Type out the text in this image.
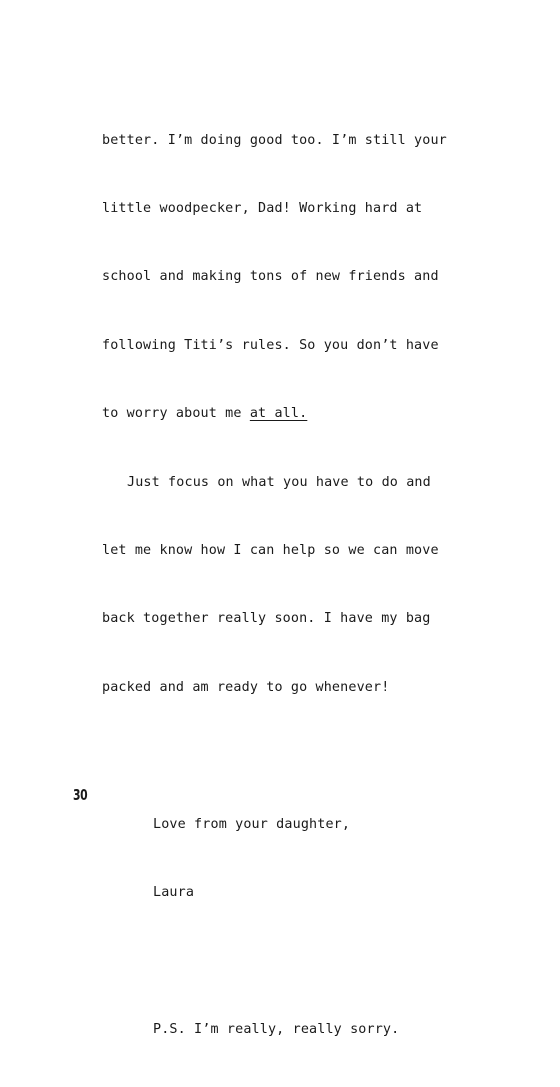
better. I’m doing good too. I’m still your

little woodpecker, Dad! Working hard at

school and making tons of new friends and

following Titi’s rules. So you don’t have

to worry about me at all.

Just focus on what you have to do and

let me know how I can help so we can move

back together really soon. I have my bag

packed and am ready to go whenever!

Love from your daughter,

Laura

P.S. I’m really, really sorry.

30
